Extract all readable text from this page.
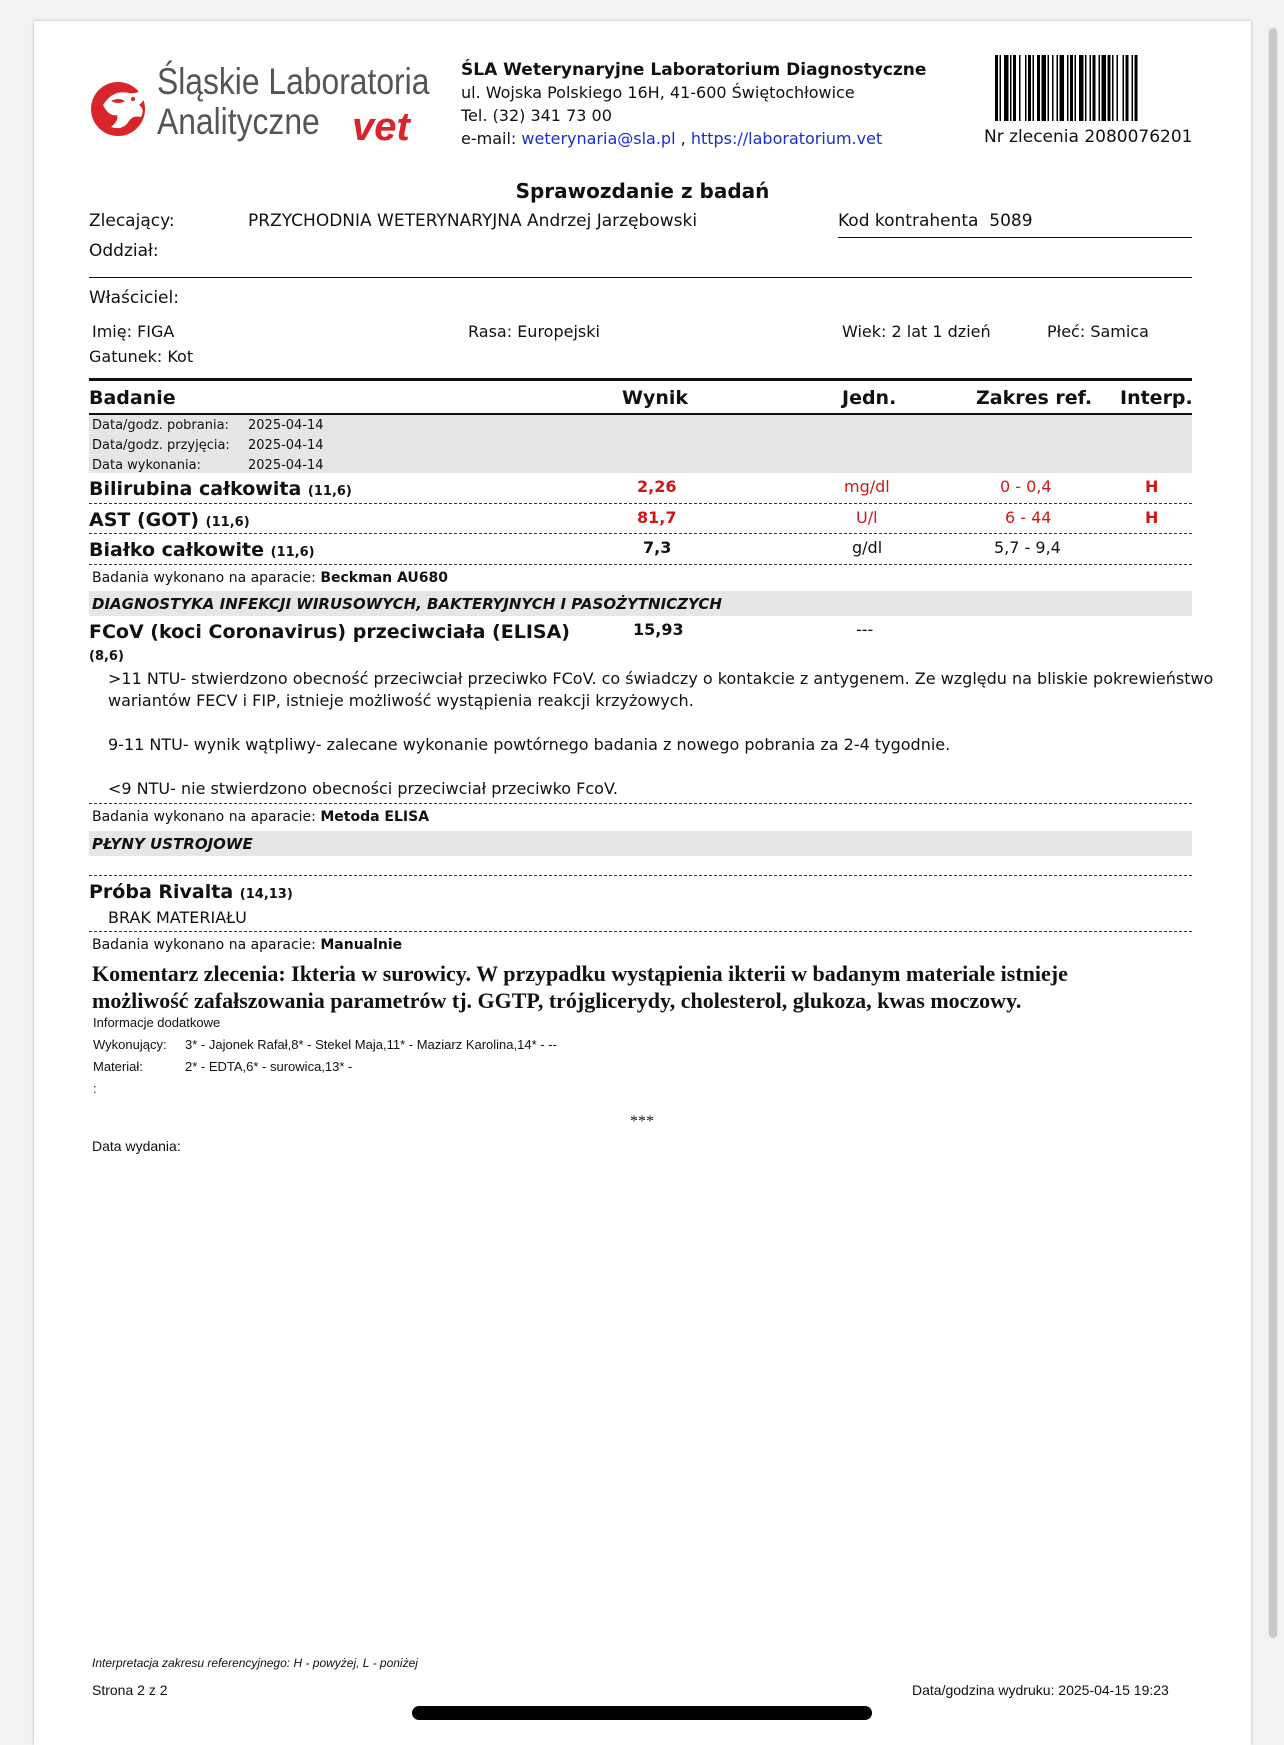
Śląskie Laboratoria
Analityczne vet
ŚLA Weterynaryjne Laboratorium Diagnostyczne
ul. Wojska Polskiego 16H, 41-600 Świętochłowice
Tel. (32) 341 73 00
e-mail: weterynaria@sla.pl , https://laboratorium.vet	Nr zlecenia 2080076201
Sprawozdanie z badań
Zlecający:	PRZYCHODNIA WETERYNARYJNA Andrzej Jarzębowski
Oddział:
Kod kontrahenta 5089
Właściciel:
Imię: FIGA	Rasa: Europejski	Wiek: 2 lat 1 dzień	Płeć: Samica
Gatunek: Kot
Badanie	Wynik	Jedn.	Zakres ref. Interp.
Data/godz. pobrania: 2025-04-14
Data/godz. przyjęcia: 2025-04-14
Data wykonania:	2025-04-14
Bilirubina całkowita (11,6)	2,26	mg/dl	0 - 0,4	H
AST (GOT) (11,6)	81,7	U/l	6 - 44	H
Białko całkowite (11,6)	7,3	g/dl	5,7 - 9,4
Badania wykonano na aparacie: Beckman AU680
DIAGNOSTYKA INFEKCJI WIRUSOWYCH, BAKTERYJNYCH I PASOŻYTNICZYCH
FCoV (koci Coronavirus) przeciwciała (ELISA)	15,93	---
(8,6)
>11 NTU- stwierdzono obecność przeciwciał przeciwko FCoV. co świadczy o kontakcie z antygenem. Ze względu na bliskie pokrewieństwo
wariantów FECV i FIP, istnieje możliwość wystąpienia reakcji krzyżowych.
9-11 NTU- wynik wątpliwy- zalecane wykonanie powtórnego badania z nowego pobrania za 2-4 tygodnie.
<9 NTU- nie stwierdzono obecności przeciwciał przeciwko FcoV.
Badania wykonano na aparacie: Metoda ELISA
PŁYNY USTROJOWE
Próba Rivalta (14,13)
BRAK MATERIAŁU
Badania wykonano na aparacie: Manualnie
Komentarz zlecenia: Ikteria w surowicy. W przypadku wystąpienia ikterii w badanym materiale istnieje
możliwość zafałszowania parametrów tj. GGTP, trójglicerydy, cholesterol, glukoza, kwas moczowy.
Informacje dodatkowe
Wykonujący: 3* - Jajonek Rafał,8* - Stekel Maja,11* - Maziarz Karolina,14* - --
Materiał:	2* - EDTA,6* - surowica,13* -
:
***
Data wydania:
Interpretacja zakresu referencyjnego: H - powyżej, L - poniżej
Strona 2 z 2	Data/godzina wydruku: 2025-04-15 19:23
